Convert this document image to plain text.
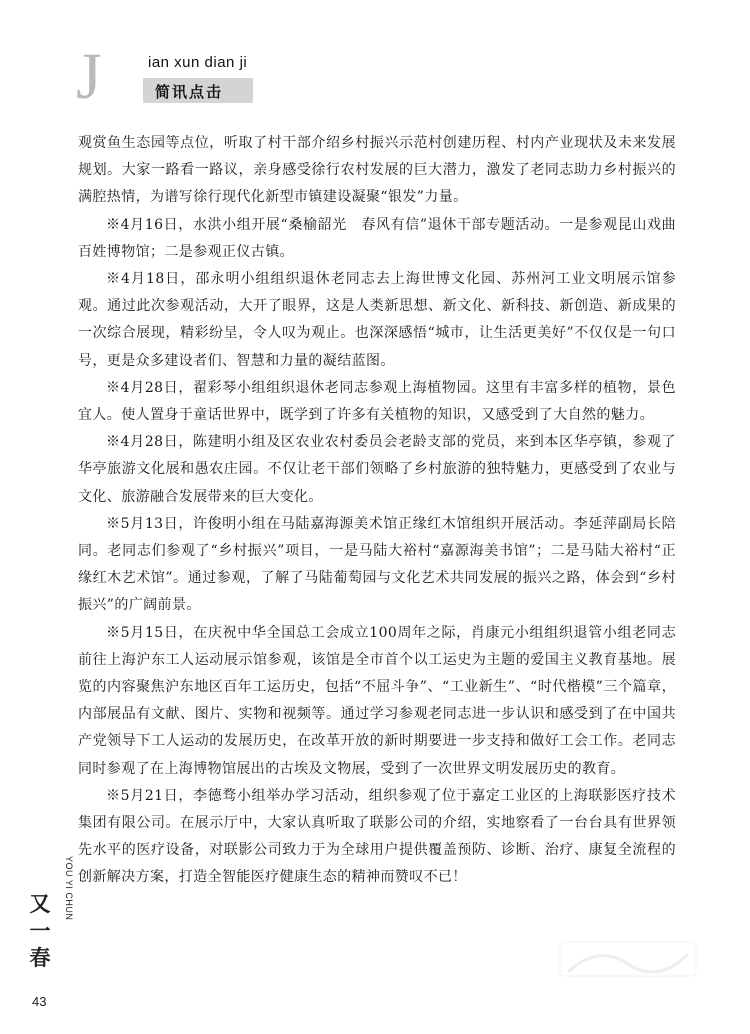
J	ian xun dian ji
简讯点击

观赏鱼生态园等点位，听取了村干部介绍乡村振兴示范村创建历程、村内产业现状及未来发展规划。大家一路看一路议，亲身感受徐行农村发展的巨大潜力，激发了老同志助力乡村振兴的满腔热情，为谱写徐行现代化新型市镇建设凝聚“银发”力量。

※4月16日，水洪小组开展“桑榆韶光　春风有信”退休干部专题活动。一是参观昆山戏曲百姓博物馆；二是参观正仪古镇。

※4月18日，邵永明小组组织退休老同志去上海世博文化园、苏州河工业文明展示馆参观。通过此次参观活动，大开了眼界，这是人类新思想、新文化、新科技、新创造、新成果的一次综合展现，精彩纷呈，令人叹为观止。也深深感悟“城市，让生活更美好”不仅仅是一句口号，更是众多建设者们、智慧和力量的凝结蓝图。

※4月28日，翟彩琴小组组织退休老同志参观上海植物园。这里有丰富多样的植物，景色宜人。使人置身于童话世界中，既学到了许多有关植物的知识，又感受到了大自然的魅力。

※4月28日，陈建明小组及区农业农村委员会老龄支部的党员，来到本区华亭镇，参观了华亭旅游文化展和愚农庄园。不仅让老干部们领略了乡村旅游的独特魅力，更感受到了农业与文化、旅游融合发展带来的巨大变化。

※5月13日，许俊明小组在马陆嘉海源美术馆正缘红木馆组织开展活动。李延萍副局长陪同。老同志们参观了“乡村振兴”项目，一是马陆大裕村“嘉源海美书馆”；二是马陆大裕村“正缘红木艺术馆”。通过参观，了解了马陆葡萄园与文化艺术共同发展的振兴之路，体会到“乡村振兴”的广阔前景。

※5月15日，在庆祝中华全国总工会成立100周年之际，肖康元小组组织退管小组老同志前往上海沪东工人运动展示馆参观，该馆是全市首个以工运史为主题的爱国主义教育基地。展览的内容聚焦沪东地区百年工运历史，包括“不屈斗争”、“工业新生”、“时代楷模”三个篇章，内部展品有文献、图片、实物和视频等。通过学习参观老同志进一步认识和感受到了在中国共产党领导下工人运动的发展历史，在改革开放的新时期要进一步支持和做好工会工作。老同志同时参观了在上海博物馆展出的古埃及文物展，受到了一次世界文明发展历史的教育。

※5月21日，李德骛小组举办学习活动，组织参观了位于嘉定工业区的上海联影医疗技术集团有限公司。在展示厅中，大家认真听取了联影公司的介绍，实地察看了一台台具有世界领先水平的医疗设备，对联影公司致力于为全球用户提供覆盖预防、诊断、治疗、康复全流程的创新解决方案，打造全智能医疗健康生态的精神而赞叹不已！

YOU YI CHUN
又一春
43
